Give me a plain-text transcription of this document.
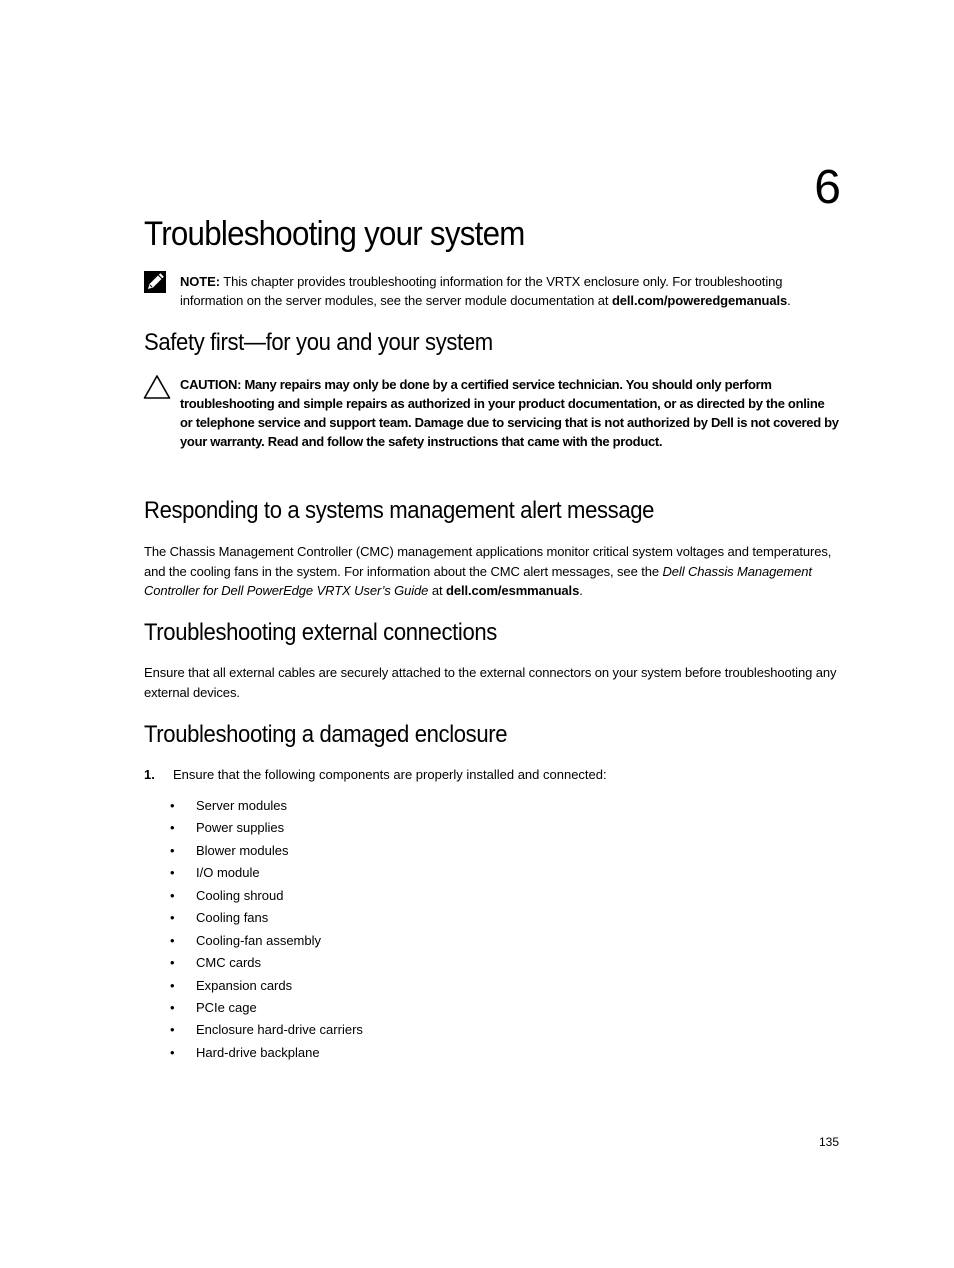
6
Troubleshooting your system
NOTE: This chapter provides troubleshooting information for the VRTX enclosure only. For troubleshooting information on the server modules, see the server module documentation at dell.com/poweredgemanuals.
Safety first—for you and your system
CAUTION: Many repairs may only be done by a certified service technician. You should only perform troubleshooting and simple repairs as authorized in your product documentation, or as directed by the online or telephone service and support team. Damage due to servicing that is not authorized by Dell is not covered by your warranty. Read and follow the safety instructions that came with the product.
Responding to a systems management alert message

The Chassis Management Controller (CMC) management applications monitor critical system voltages and temperatures, and the cooling fans in the system. For information about the CMC alert messages, see the Dell Chassis Management Controller for Dell PowerEdge VRTX User’s Guide at dell.com/esmmanuals.

Troubleshooting external connections

Ensure that all external cables are securely attached to the external connectors on your system before troubleshooting any external devices.

Troubleshooting a damaged enclosure
1. Ensure that the following components are properly installed and connected:
• Server modules
• Power supplies
• Blower modules
• I/O module
• Cooling shroud
• Cooling fans
• Cooling-fan assembly
• CMC cards
• Expansion cards
• PCIe cage
• Enclosure hard-drive carriers
• Hard-drive backplane
135
